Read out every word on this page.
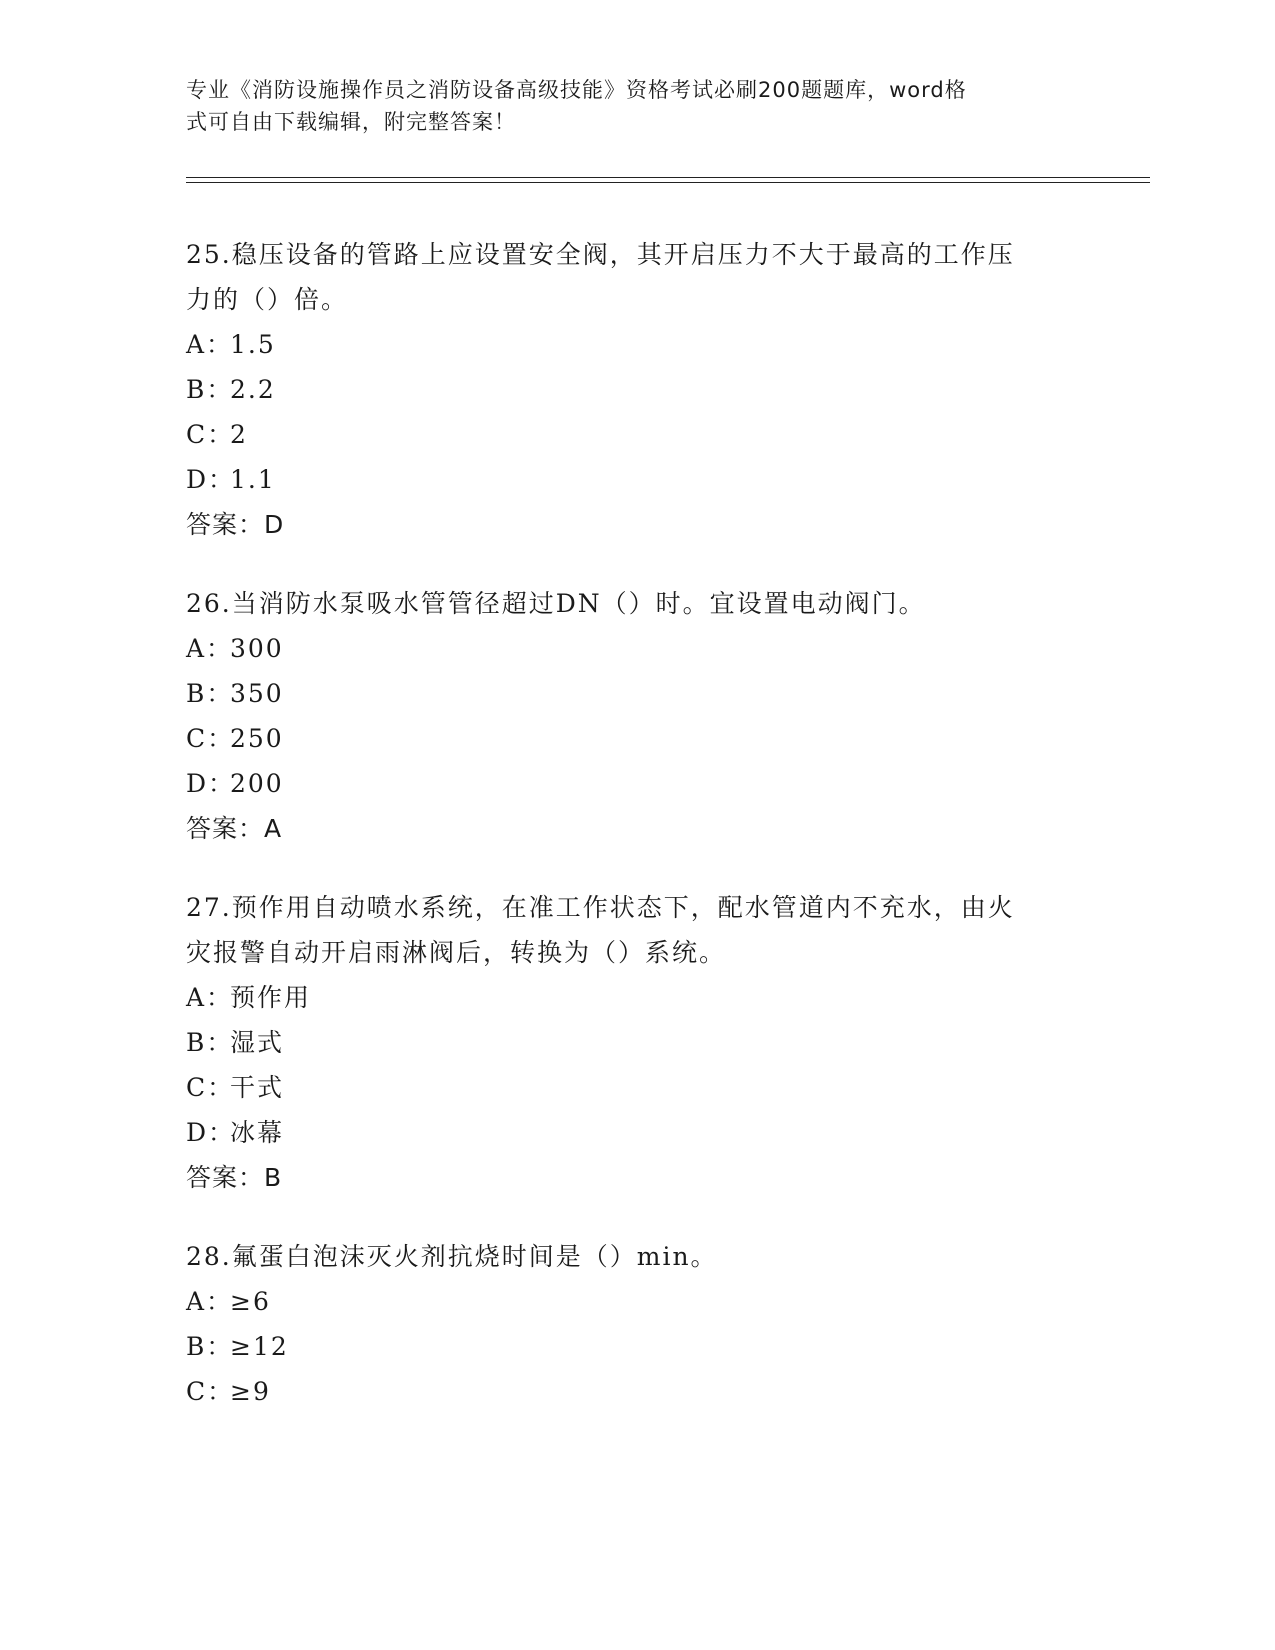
专业《消防设施操作员之消防设备高级技能》资格考试必刷200题题库，word格
式可自由下载编辑，附完整答案！

25.稳压设备的管路上应设置安全阀，其开启压力不大于最高的工作压
力的（）倍。

A：1.5

B：2.2

C：2

D：1.1

答案：D

26.当消防水泵吸水管管径超过DN（）时。宜设置电动阀门。

A：300

B：350

C：250

D：200

答案：A

27.预作用自动喷水系统，在准工作状态下，配水管道内不充水，由火
灾报警自动开启雨淋阀后，转换为（）系统。

A：预作用

B：湿式

C：干式

D：冰幕

答案：B

28.氟蛋白泡沫灭火剂抗烧时间是（）min。

A：≥6

B：≥12

C：≥9
